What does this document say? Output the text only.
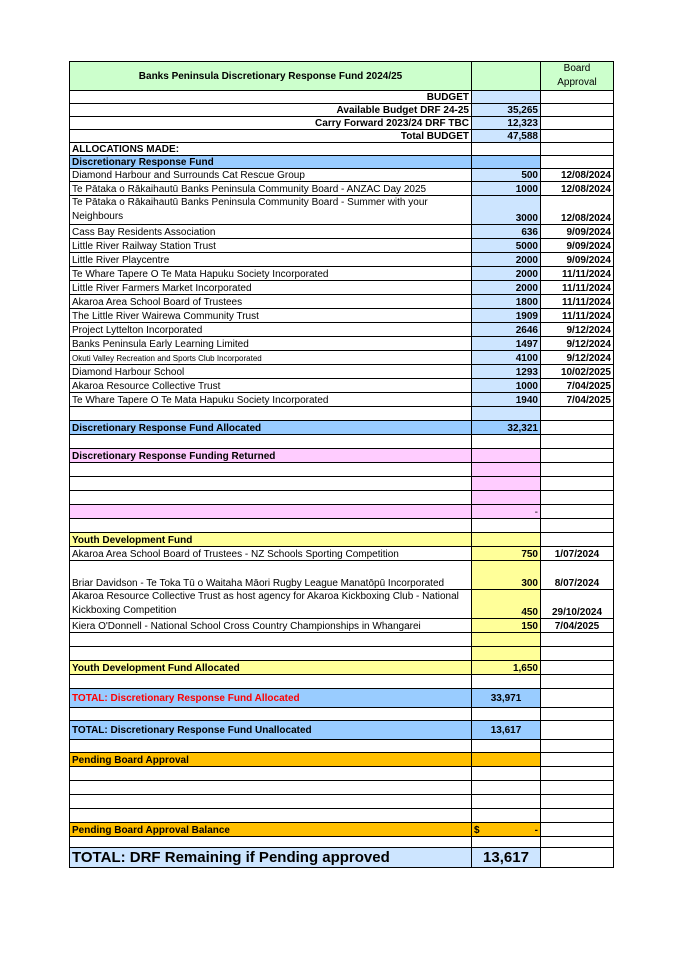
Banks Peninsula Discretionary Response Fund 2024/25		Board Approval
BUDGET		
Available Budget DRF 24-25	35,265	
Carry Forward 2023/24 DRF TBC	12,323	
Total BUDGET	47,588	
ALLOCATIONS MADE:		
Discretionary Response Fund		
Diamond Harbour and Surrounds Cat Rescue Group	500	12/08/2024
Te Pātaka o Rākaihautū Banks Peninsula Community Board - ANZAC Day 2025	1000	12/08/2024
Te Pātaka o Rākaihautū Banks Peninsula Community Board - Summer with your Neighbours	3000	12/08/2024
Cass Bay Residents Association	636	9/09/2024
Little River Railway Station Trust	5000	9/09/2024
Little River Playcentre	2000	9/09/2024
Te Whare Tapere O Te Mata Hapuku Society Incorporated	2000	11/11/2024
Little River Farmers Market Incorporated	2000	11/11/2024
Akaroa Area School Board of Trustees	1800	11/11/2024
The Little River Wairewa Community Trust	1909	11/11/2024
Project Lyttelton Incorporated	2646	9/12/2024
Banks Peninsula Early Learning Limited	1497	9/12/2024
Okuti Valley Recreation and Sports Club Incorporated	4100	9/12/2024
Diamond Harbour School	1293	10/02/2025
Akaroa Resource Collective Trust	1000	7/04/2025
Te Whare Tapere O Te Mata Hapuku Society Incorporated	1940	7/04/2025

Discretionary Response Fund Allocated	32,321	

Discretionary Response Funding Returned		

	-	

Youth Development Fund		
Akaroa Area School Board of Trustees - NZ Schools Sporting Competition	750	1/07/2024
Briar Davidson - Te Toka Tū o Waitaha Māori Rugby League Manatōpū Incorporated	300	8/07/2024
Akaroa Resource Collective Trust as host agency for Akaroa Kickboxing Club - National Kickboxing Competition	450	29/10/2024
Kiera O'Donnell - National School Cross Country Championships in Whangarei	150	7/04/2025

Youth Development Fund Allocated	1,650	

TOTAL: Discretionary Response Fund Allocated	33,971	

TOTAL: Discretionary Response Fund Unallocated	13,617	

Pending Board Approval		

Pending Board Approval Balance	$ -	

TOTAL: DRF Remaining if Pending approved	13,617	
